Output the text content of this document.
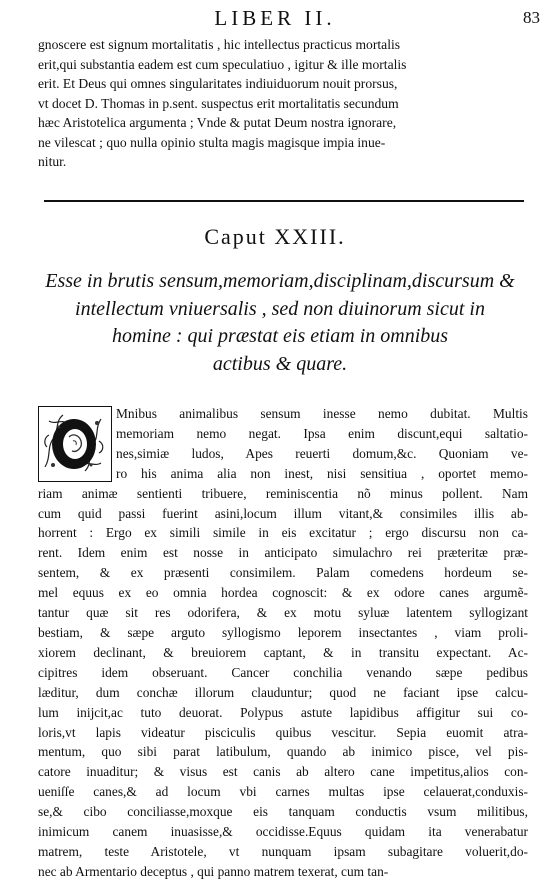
LIBER II.	83
gnoscere est signum mortalitatis , hic intellectus practicus mortalis
erit,qui substantia eadem est cum speculatiuo , igitur & ille mortalis
erit. Et Deus qui omnes singularitates indiuiduorum nouit prorsus,
vt docet D. Thomas in p.sent. suspectus erit mortalitatis secundum
hæc Aristotelica argumenta ; Vnde & putat Deum nostra ignorare,
ne vilescat ; quo nulla opinio stulta magis magisque impia inue-
nitur.
Caput XXIII.
Esse in brutis sensum,memoriam,disciplinam,discursum &
intellectum vniuersalis , sed non diuinorum sicut in
homine : qui præstat eis etiam in omnibus
actibus & quare.
Mnibus animalibus sensum inesse nemo dubitat. Multis
memoriam nemo negat. Ipsa enim discunt,equi saltatio-
nes,simiæ ludos, Apes reuerti domum,&c. Quoniam ve-
ro his anima alia non inest, nisi sensitiua , oportet memo-
riam animæ sentienti tribuere, reminiscentia nõ minus pollent. Nam
cum quid passi fuerint asini,locum illum vitant,& consimiles illis ab-
horrent : Ergo ex simili simile in eis excitatur ; ergo discursu non ca-
rent. Idem enim est nosse in anticipato simulachro rei præteritæ præ-
sentem, & ex præsenti consimilem. Palam comedens hordeum se-
mel equus ex eo omnia hordea cognoscit: & ex odore canes argumẽ-
tantur quæ sit res odorifera, & ex motu syluæ latentem syllogizant
bestiam, & sæpe arguto syllogismo leporem insectantes , viam proli-
xiorem declinant, & breuiorem captant, & in transitu expectant. Ac-
cipitres idem obseruant. Cancer conchilia venando sæpe pedibus
læditur, dum conchæ illorum clauduntur; quod ne faciant ipse calcu-
lum inijcit,ac tuto deuorat. Polypus astute lapidibus affigitur sui co-
loris,vt lapis videatur pisciculis quibus vescitur. Sepia euomit atra-
mentum, quo sibi parat latibulum, quando ab inimico pisce, vel pis-
catore inuaditur; & visus est canis ab altero cane impetitus,alios con-
ueniſſe canes,& ad locum vbi carnes multas ipse celauerat,conduxis-
se,& cibo conciliasse,moxque eis tanquam conductis vsum militibus,
inimicum canem inuasisse,& occidisse.Equus quidam ita venerabatur
matrem, teste Aristotele, vt nunquam ipsam subagitare voluerit,do-
nec ab Armentario deceptus , qui panno matrem texerat, cum tan-
